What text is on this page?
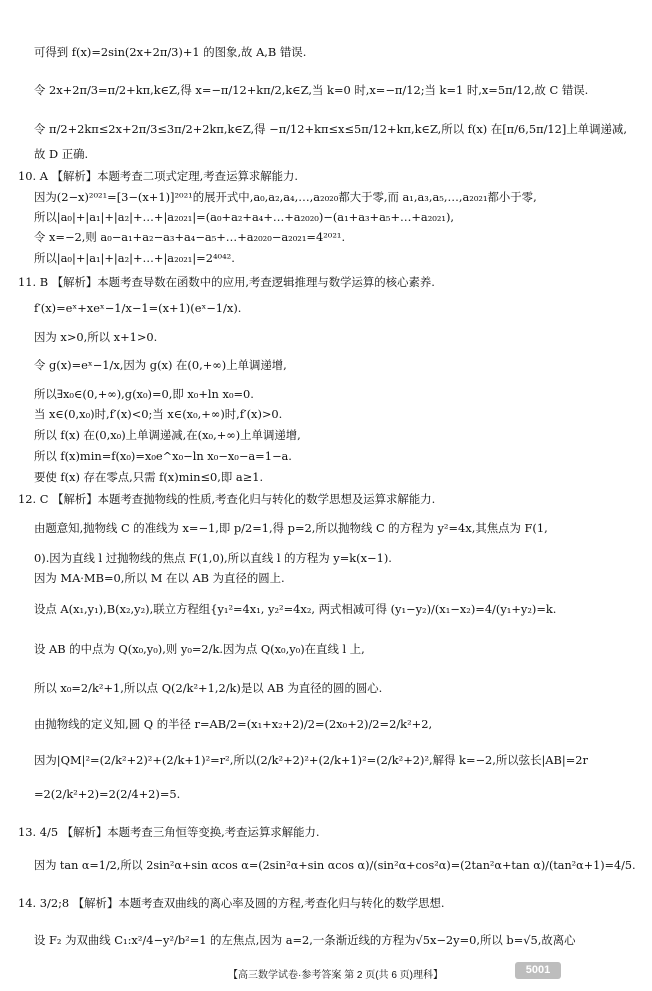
可得到 f(x)=2sin(2x+2π/3)+1 的图象,故 A,B 错误.
令 2x+2π/3=π/2+kπ,k∈Z,得 x=−π/12+kπ/2,k∈Z,当 k=0 时,x=−π/12;当 k=1 时,x=5π/12,故 C 错误.
令 π/2+2kπ≤2x+2π/3≤3π/2+2kπ,k∈Z,得 −π/12+kπ≤x≤5π/12+kπ,k∈Z,所以 f(x) 在[π/6,5π/12]上单调递减,
故 D 正确.
10. A 【解析】本题考查二项式定理,考查运算求解能力.
因为(2−x)²⁰²¹=[3−(x+1)]²⁰²¹的展开式中,a₀,a₂,a₄,…,a₂₀₂₀都大于零,而 a₁,a₃,a₅,…,a₂₀₂₁都小于零,
所以|a₀|+|a₁|+|a₂|+…+|a₂₀₂₁|=(a₀+a₂+a₄+…+a₂₀₂₀)−(a₁+a₃+a₅+…+a₂₀₂₁),
令 x=−2,则 a₀−a₁+a₂−a₃+a₄−a₅+…+a₂₀₂₀−a₂₀₂₁=4²⁰²¹.
所以|a₀|+|a₁|+|a₂|+…+|a₂₀₂₁|=2⁴⁰⁴².
11. B 【解析】本题考查导数在函数中的应用,考查逻辑推理与数学运算的核心素养.
f′(x)=eˣ+xeˣ−1/x−1=(x+1)(eˣ−1/x).
因为 x>0,所以 x+1>0.
令 g(x)=eˣ−1/x,因为 g(x) 在(0,+∞)上单调递增,
所以∃x₀∈(0,+∞),g(x₀)=0,即 x₀+ln x₀=0.
当 x∈(0,x₀)时,f′(x)<0;当 x∈(x₀,+∞)时,f′(x)>0.
所以 f(x) 在(0,x₀)上单调递减,在(x₀,+∞)上单调递增,
所以 f(x)min=f(x₀)=x₀e^x₀−ln x₀−x₀−a=1−a.
要使 f(x) 存在零点,只需 f(x)min≤0,即 a≥1.
12. C 【解析】本题考查抛物线的性质,考查化归与转化的数学思想及运算求解能力.
由题意知,抛物线 C 的准线为 x=−1,即 p/2=1,得 p=2,所以抛物线 C 的方程为 y²=4x,其焦点为 F(1,
0).因为直线 l 过抛物线的焦点 F(1,0),所以直线 l 的方程为 y=k(x−1).
因为 MA·MB=0,所以 M 在以 AB 为直径的圆上.
设点 A(x₁,y₁),B(x₂,y₂),联立方程组{y₁²=4x₁, y₂²=4x₂, 两式相减可得 (y₁−y₂)/(x₁−x₂)=4/(y₁+y₂)=k.
设 AB 的中点为 Q(x₀,y₀),则 y₀=2/k.因为点 Q(x₀,y₀)在直线 l 上,
所以 x₀=2/k²+1,所以点 Q(2/k²+1,2/k)是以 AB 为直径的圆的圆心.
由抛物线的定义知,圆 Q 的半径 r=AB/2=(x₁+x₂+2)/2=(2x₀+2)/2=2/k²+2,
因为|QM|²=(2/k²+2)²+(2/k+1)²=r²,所以(2/k²+2)²+(2/k+1)²=(2/k²+2)²,解得 k=−2,所以弦长|AB|=2r
=2(2/k²+2)=2(2/4+2)=5.
13. 4/5 【解析】本题考查三角恒等变换,考查运算求解能力.
因为 tan α=1/2,所以 2sin²α+sin αcos α=(2sin²α+sin αcos α)/(sin²α+cos²α)=(2tan²α+tan α)/(tan²α+1)=4/5.
14. 3/2;8 【解析】本题考查双曲线的离心率及圆的方程,考查化归与转化的数学思想.
设 F₂ 为双曲线 C₁:x²/4−y²/b²=1 的左焦点,因为 a=2,一条渐近线的方程为√5x−2y=0,所以 b=√5,故离心
【高三数学试卷·参考答案 第 2 页(共 6 页)理科】	5001
